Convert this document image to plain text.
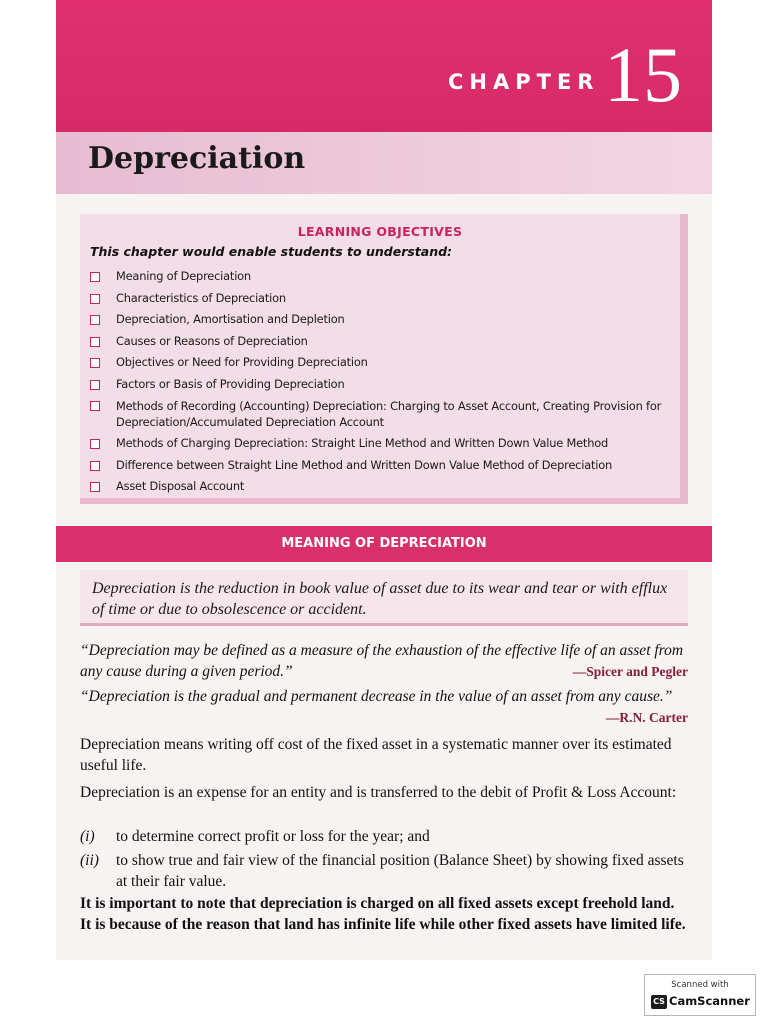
CHAPTER 15
Depreciation
LEARNING OBJECTIVES
This chapter would enable students to understand:
Meaning of Depreciation
Characteristics of Depreciation
Depreciation, Amortisation and Depletion
Causes or Reasons of Depreciation
Objectives or Need for Providing Depreciation
Factors or Basis of Providing Depreciation
Methods of Recording (Accounting) Depreciation: Charging to Asset Account, Creating Provision for Depreciation/Accumulated Depreciation Account
Methods of Charging Depreciation: Straight Line Method and Written Down Value Method
Difference between Straight Line Method and Written Down Value Method of Depreciation
Asset Disposal Account
MEANING OF DEPRECIATION
Depreciation is the reduction in book value of asset due to its wear and tear or with efflux of time or due to obsolescence or accident.
“Depreciation may be defined as a measure of the exhaustion of the effective life of an asset from any cause during a given period.”	—Spicer and Pegler
“Depreciation is the gradual and permanent decrease in the value of an asset from any cause.”
—R.N. Carter
Depreciation means writing off cost of the fixed asset in a systematic manner over its estimated useful life.
Depreciation is an expense for an entity and is transferred to the debit of Profit & Loss Account:
(i) to determine correct profit or loss for the year; and
(ii) to show true and fair view of the financial position (Balance Sheet) by showing fixed assets at their fair value.
It is important to note that depreciation is charged on all fixed assets except freehold land. It is because of the reason that land has infinite life while other fixed assets have limited life.
Scanned with
CS CamScanner
